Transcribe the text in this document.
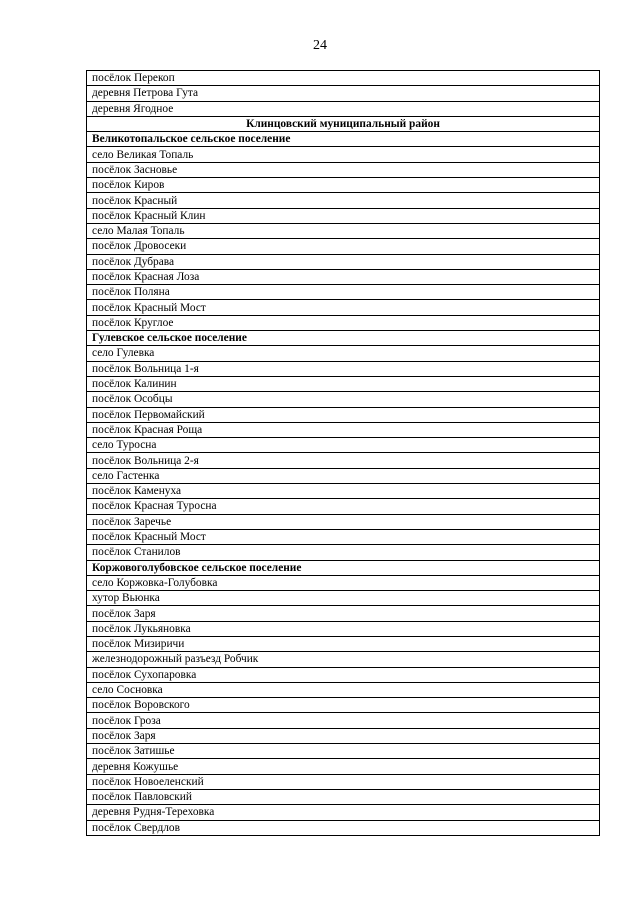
24
посёлок Перекоп
деревня Петрова Гута
деревня Ягодное
Клинцовский муниципальный район
Великотопальское сельское поселение
село Великая Топаль
посёлок Засновье
посёлок Киров
посёлок Красный
посёлок Красный Клин
село Малая Топаль
посёлок Дровосеки
посёлок Дубрава
посёлок Красная Лоза
посёлок Поляна
посёлок Красный Мост
посёлок Круглое
Гулевское сельское поселение
село Гулевка
посёлок Вольница 1-я
посёлок Калинин
посёлок Особцы
посёлок Первомайский
посёлок Красная Роща
село Туросна
посёлок Вольница 2-я
село Гастенка
посёлок Каменуха
посёлок Красная Туросна
посёлок Заречье
посёлок Красный Мост
посёлок Станилов
Коржовоголубовское сельское поселение
село Коржовка-Голубовка
хутор Вьюнка
посёлок Заря
посёлок Лукьяновка
посёлок Мизиричи
железнодорожный разъезд Робчик
посёлок Сухопаровка
село Сосновка
посёлок Воровского
посёлок Гроза
посёлок Заря
посёлок Затишье
деревня Кожушье
посёлок Новоеленский
посёлок Павловский
деревня Рудня-Тереховка
посёлок Свердлов
